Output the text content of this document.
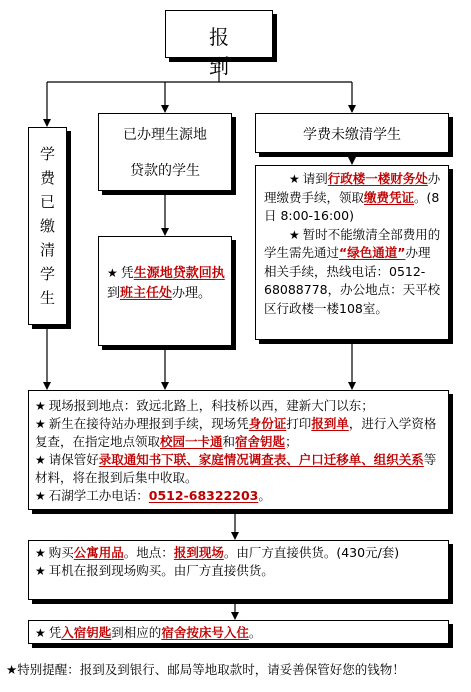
报 到
学费已缴清学生
已办理生源地
贷款的学生
★ 凭生源地贷款回执到班主任处办理。
学费未缴清学生
★ 请到行政楼一楼财务处办理缴费手续，领取缴费凭证。(8日 8:00-16:00)
★ 暂时不能缴清全部费用的学生需先通过“绿色通道”办理相关手续，热线电话：0512-68088778，办公地点：天平校区行政楼一楼108室。
★ 现场报到地点：致远北路上，科技桥以西，建新大门以东；
★ 新生在接待站办理报到手续，现场凭身份证打印报到单，进行入学资格复查，在指定地点领取校园一卡通和宿舍钥匙；
★ 请保管好录取通知书下联、家庭情况调查表、户口迁移单、组织关系等材料，将在报到后集中收取。
★ 石湖学工办电话：0512-68322203。
★ 购买公寓用品。地点：报到现场。由厂方直接供货。(430元/套)
★ 耳机在报到现场购买。由厂方直接供货。
★ 凭入宿钥匙到相应的宿舍按床号入住。
★特别提醒：报到及到银行、邮局等地取款时，请妥善保管好您的钱物！
